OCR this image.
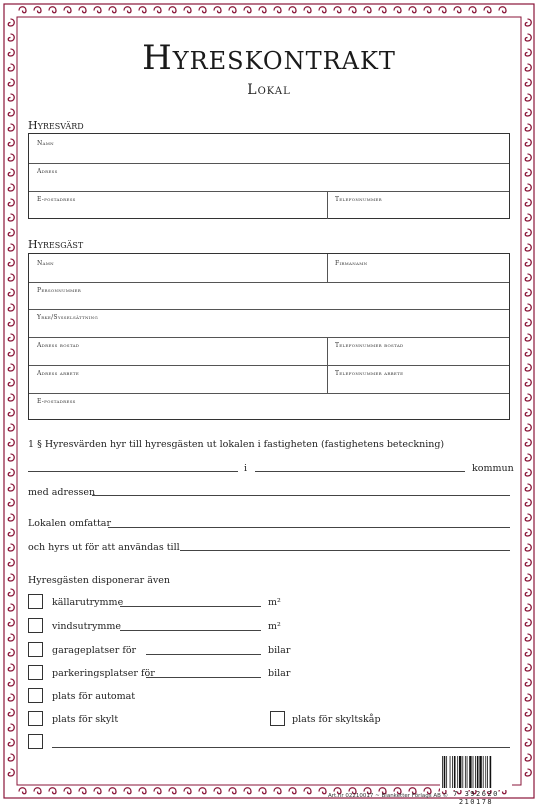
Hyreskontrakt
Lokal
Hyresvärd
Namn
Adress
E-postadress	Telefonnummer
Hyresgäst
Namn	Firmanamn
Personnummer
Yrke/Sysselsättning
Adress bostad	Telefonnummer bostad
Adress arbete	Telefonnummer arbete
E-postadress
1 § Hyresvärden hyr till hyresgästen ut lokalen i fastigheten (fastighetens beteckning)
i	kommun
med adressen
Lokalen omfattar
och hyrs ut för att användas till
Hyresgästen disponerar även
källarutrymme	m²
vindsutrymme	m²
garageplatser för	bilar
parkeringsplatser för	bilar
plats för automat
plats för skylt	plats för skyltskåp
Art.nr 02210017 ~ Blanketter Förlags AB © 7 392620 210178
